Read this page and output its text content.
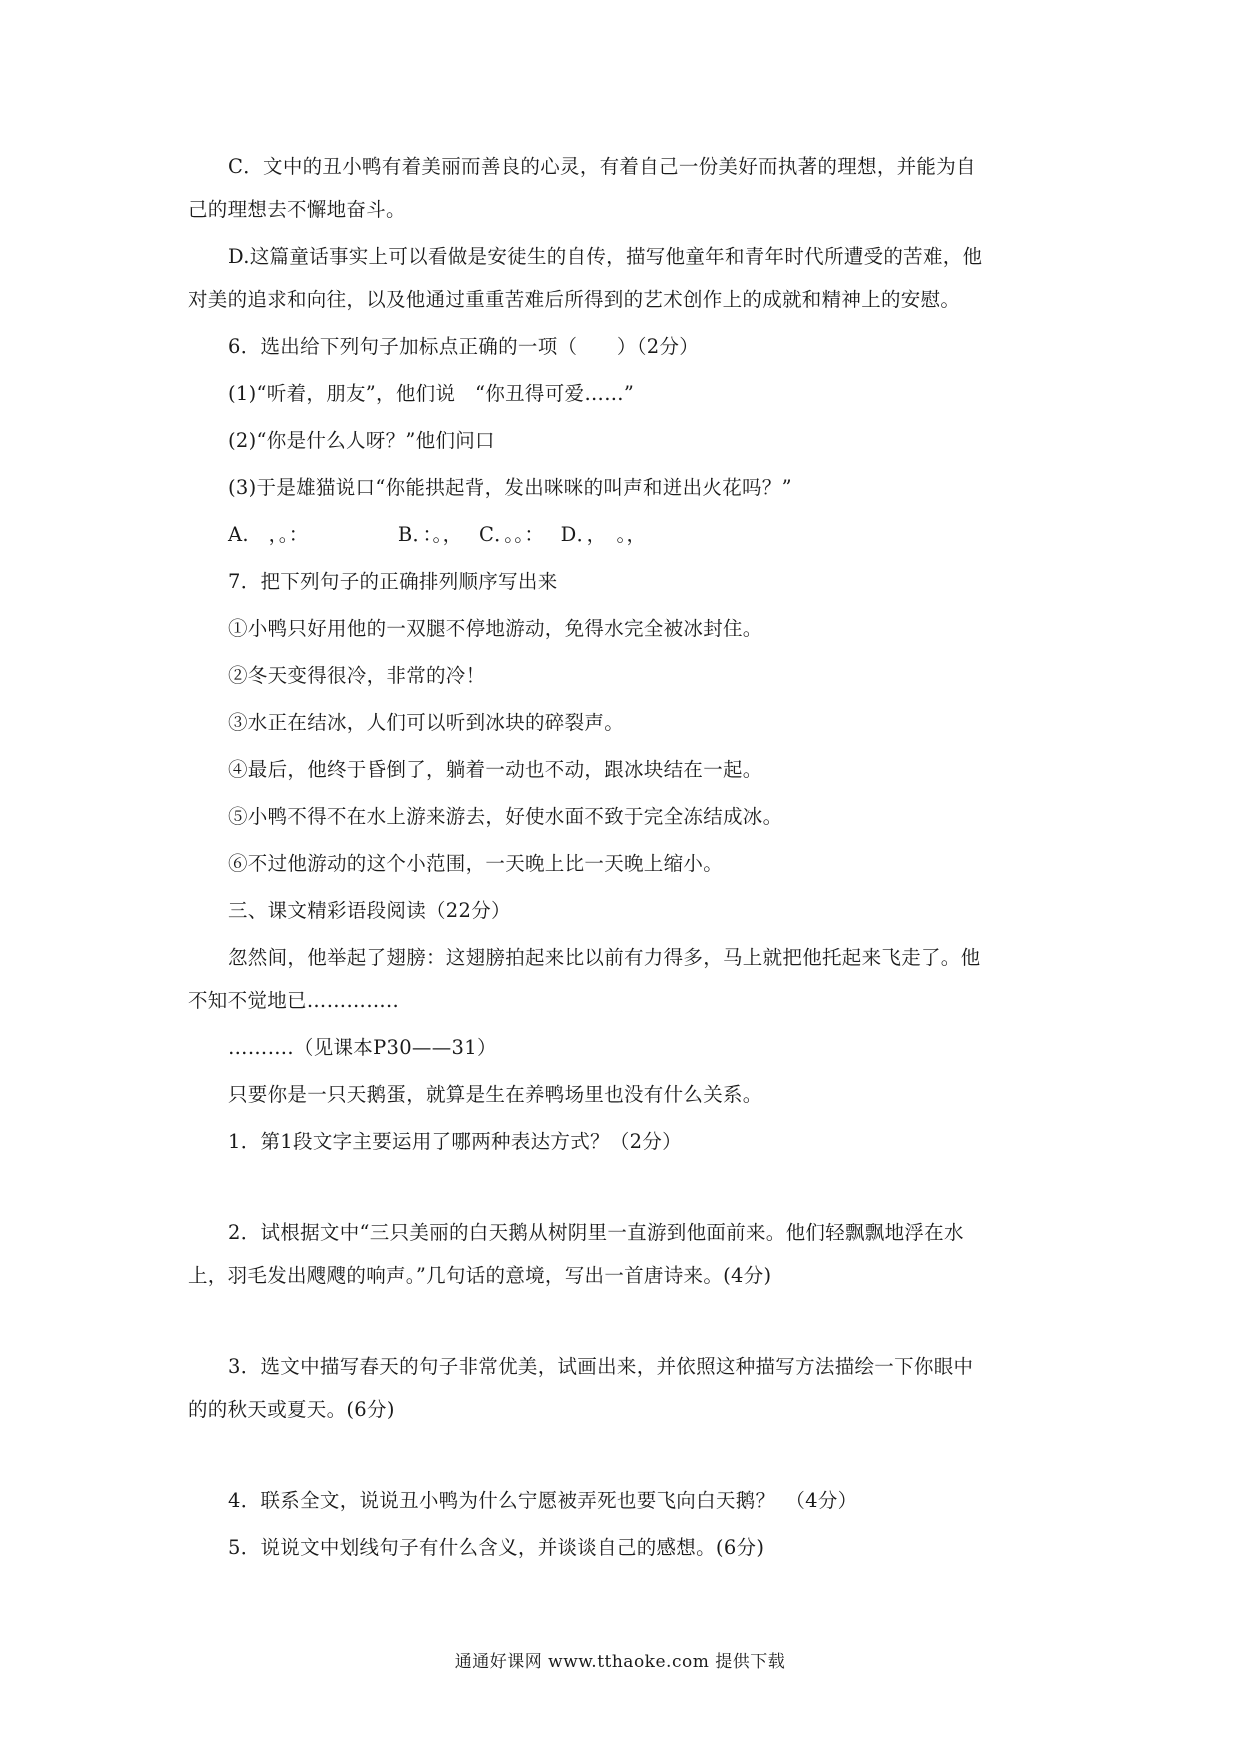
C．文中的丑小鸭有着美丽而善良的心灵，有着自己一份美好而执著的理想，并能为自
己的理想去不懈地奋斗。
D.这篇童话事实上可以看做是安徒生的自传，描写他童年和青年时代所遭受的苦难，他
对美的追求和向往，以及他通过重重苦难后所得到的艺术创作上的成就和精神上的安慰。
6．选出给下列句子加标点正确的一项（　　）（2分）
(1)“听着，朋友”，他们说　“你丑得可爱……”
(2)“你是什么人呀？”他们问口
(3)于是雄猫说口“你能拱起背，发出咪咪的叫声和迸出火花吗？”
A.　，。：　　　　　B．：。，　 C．。。：　 D．，　。，
7．把下列句子的正确排列顺序写出来
①小鸭只好用他的一双腿不停地游动，免得水完全被冰封住。
②冬天变得很冷，非常的冷！
③水正在结冰，人们可以听到冰块的碎裂声。
④最后，他终于昏倒了，躺着一动也不动，跟冰块结在一起。
⑤小鸭不得不在水上游来游去，好使水面不致于完全冻结成冰。
⑥不过他游动的这个小范围，一天晚上比一天晚上缩小。
三、课文精彩语段阅读（22分）
忽然间，他举起了翅膀：这翅膀拍起来比以前有力得多，马上就把他托起来飞走了。他
不知不觉地已…………..
……….（见课本P30——31）
只要你是一只天鹅蛋，就算是生在养鸭场里也没有什么关系。
1．第1段文字主要运用了哪两种表达方式？（2分）
2．试根据文中“三只美丽的白天鹅从树阴里一直游到他面前来。他们轻飘飘地浮在水
上，羽毛发出飕飕的响声。”几句话的意境，写出一首唐诗来。(4分)
3．选文中描写春天的句子非常优美，试画出来，并依照这种描写方法描绘一下你眼中
的的秋天或夏天。(6分)
4．联系全文，说说丑小鸭为什么宁愿被弄死也要飞向白天鹅？　（4分）
5．说说文中划线句子有什么含义，并谈谈自己的感想。(6分)
通通好课网 www.tthaoke.com 提供下载
